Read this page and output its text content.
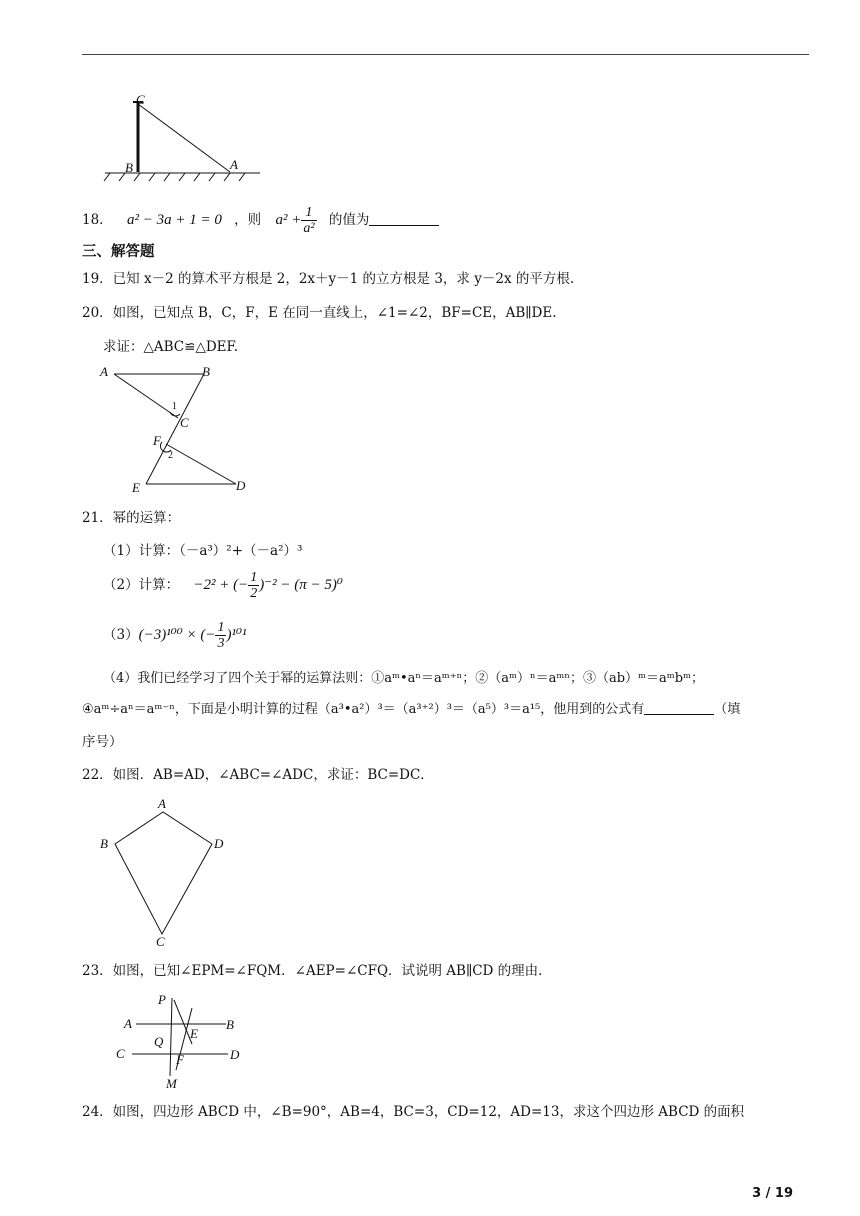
C
B	A
18． a² − 3a + 1 = 0 ，则 $a^2 + \frac{1}{\text{a²}}$ 的值为
三、解答题
19．已知 x－2 的算术平方根是 2，2x＋y－1 的立方根是 3，求 y－2x 的平方根.
20．如图，已知点 B，C，F，E 在同一直线上，∠1=∠2，BF=CE，AB∥DE.
求证：△ABC≌△DEF.
A	B
C
F
E	D
1
2
21．幂的运算：
（1）计算：（－a³）²+（－a²）³
（2）计算： −2² + (− $\frac{1}{2} )^{-2} - (\pi - 5)^0$
（3）(−3)¹⁰⁰ × (− $\frac{1}{3} )^{101}$
（4）我们已经学习了四个关于幂的运算法则：①aᵐ•aⁿ＝aᵐ⁺ⁿ；②（aᵐ）ⁿ＝aᵐⁿ；③（ab）ᵐ＝aᵐbᵐ；
④aᵐ÷aⁿ＝aᵐ⁻ⁿ，下面是小明计算的过程（a³•a²）³＝（a³⁺²）³＝（a⁵）³＝a¹⁵，他用到的公式有	（填
序号）
22．如图．AB=AD，∠ABC=∠ADC，求证：BC=DC．
A
B	D
C
23．如图，已知∠EPM=∠FQM．∠AEP=∠CFQ．试说明 AB∥CD 的理由．
P
A	B
E
Q
C	D
F
M
24．如图，四边形 ABCD 中，∠B=90°，AB=4，BC=3，CD=12，AD=13，求这个四边形 ABCD 的面积
3 / 19
